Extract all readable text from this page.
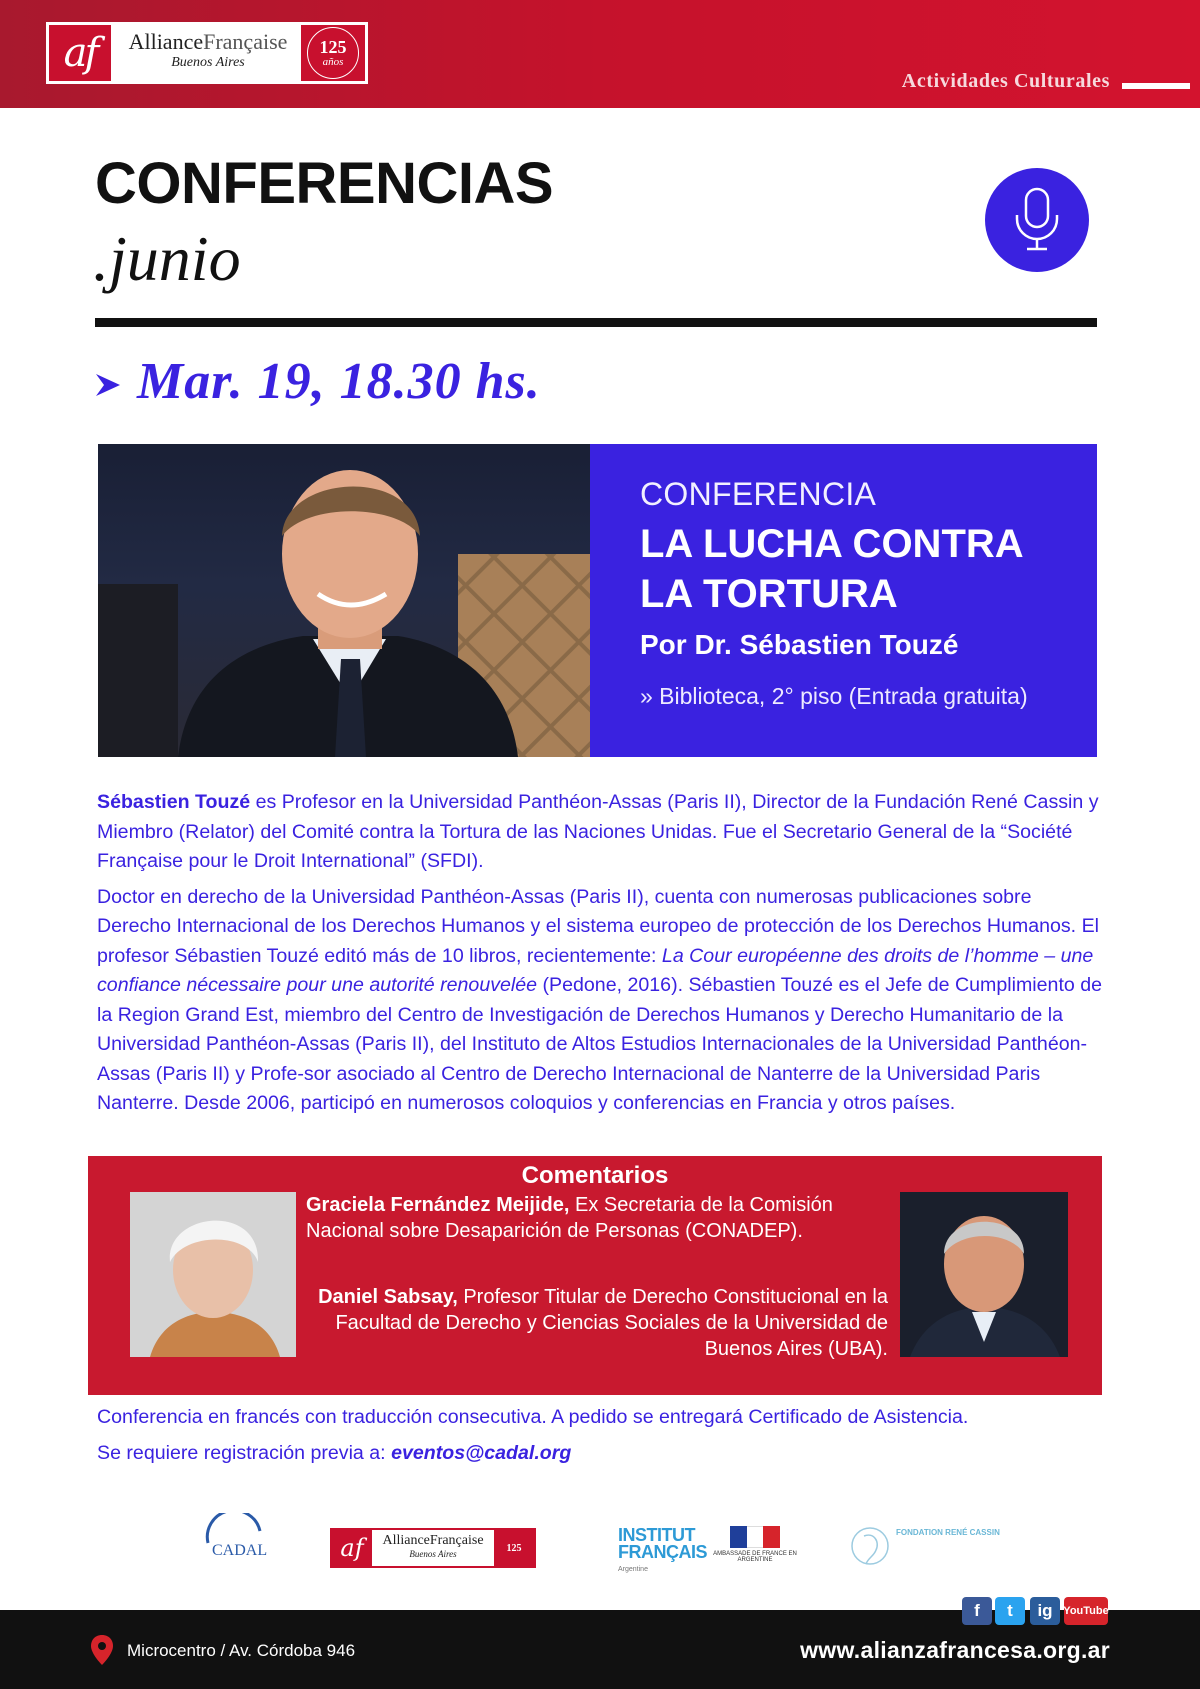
af	AllianceFrançaise
Buenos Aires
125
años
Actividades Culturales
CONFERENCIAS
.junio
Mar. 19, 18.30 hs.
CONFERENCIA
LA LUCHA CONTRA
LA TORTURA
Por Dr. Sébastien Touzé
» Biblioteca, 2° piso (Entrada gratuita)

Sébastien Touzé es Profesor en la Universidad Panthéon-Assas (Paris II), Director de la Fundación René Cassin y Miembro (Relator) del Comité contra la Tortura de las Naciones Unidas. Fue el Secretario General de la “Société Française pour le Droit International” (SFDI).

Doctor en derecho de la Universidad Panthéon-Assas (Paris II), cuenta con numerosas publicaciones sobre Derecho Internacional de los Derechos Humanos y el sistema europeo de protección de los Derechos Humanos. El profesor Sébastien Touzé editó más de 10 libros, recientemente: La Cour européenne des droits de l’homme – une confiance nécessaire pour une autorité renouvelée (Pedone, 2016). Sébastien Touzé es el Jefe de Cumplimiento de la Region Grand Est, miembro del Centro de Investigación de Derechos Humanos y Derecho Humanitario de la Universidad Panthéon-Assas (Paris II), del Instituto de Altos Estudios Internacionales de la Universidad Panthéon-Assas (Paris II) y Profe-sor asociado al Centro de Derecho Internacional de Nanterre de la Universidad Paris Nanterre. Desde 2006, participó en numerosos coloquios y conferencias en Francia y otros países.

Comentarios
Graciela Fernández Meijide, Ex Secretaria de la Comisión Nacional sobre Desaparición de Personas (CONADEP).
Daniel Sabsay, Profesor Titular de Derecho Constitucional en la Facultad de Derecho y Ciencias Sociales de la Universidad de Buenos Aires (UBA).
Conferencia en francés con traducción consecutiva. A pedido se entregará Certificado de Asistencia.
Se requiere registración previa a: eventos@cadal.org
CADAL	af	AllianceFrançaise
Buenos Aires
125
INSTITUT
FRANÇAIS
Argentine
AMBASSADE DE FRANCE EN ARGENTINE
FONDATION RENÉ CASSIN
f	t	ig YouTube
Microcentro / Av. Córdoba 946	www.alianzafrancesa.org.ar
